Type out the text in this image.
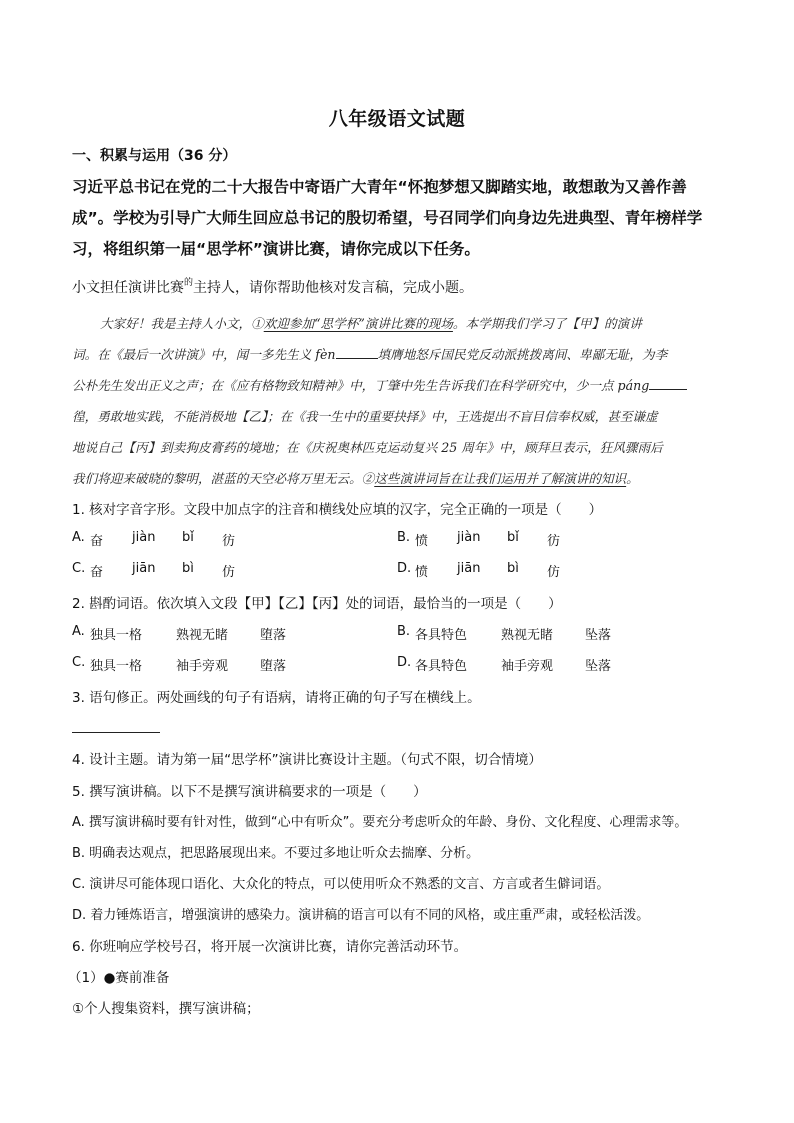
八年级语文试题
一、积累与运用（36 分）
习近平总书记在党的二十大报告中寄语广大青年“怀抱梦想又脚踏实地，敢想敢为又善作善
成”。学校为引导广大师生回应总书记的殷切希望，号召同学们向身边先进典型、青年榜样学
习，将组织第一届“思学杯”演讲比赛，请你完成以下任务。
小文担任演讲比赛$^的$主持人，请你帮助他核对发言稿，完成小题。
大家好！我是主持人小文，①欢迎参加“思学杯”演讲比赛的现场。本学期我们学习了【甲】的演讲
词。在《最后一次讲演》中，闻一多先生义 fèn	填膺地怒斥国民党反动派挑拨离间、卑鄙无耻，为李
公朴先生发出正义之声；在《应有格物致知精神》中，丁肇中先生告诉我们在科学研究中，少一点 páng
徨，勇敢地实践，不能消极地【乙】；在《我一生中的重要抉择》中，王选提出不盲目信奉权威，甚至谦虚
地说自己【丙】到卖狗皮膏药的境地；在《庆祝奥林匹克运动复兴 25 周年》中，顾拜旦表示，狂风骤雨后
我们将迎来破晓的黎明，湛蓝的天空必将万里无云。②这些演讲词旨在让我们运用并了解演讲的知识。
1. 核对字音字形。文段中加点字的注音和横线处应填的汉字，完全正确的一项是（　　）
A. 奋 jiàn bǐ 彷	B. 愤 jiàn bǐ 彷
C. 奋 jiān bì 仿	D. 愤 jiān bì 仿
2. 斟酌词语。依次填入文段【甲】【乙】【丙】处的词语，最恰当的一项是（　　）
A. 独具一格	熟视无睹 堕落	B. 各具特色	熟视无睹 坠落
C. 独具一格	袖手旁观 堕落	D. 各具特色	袖手旁观 坠落
3. 语句修正。两处画线的句子有语病，请将正确的句子写在横线上。
4. 设计主题。请为第一届“思学杯”演讲比赛设计主题。（句式不限，切合情境）
5. 撰写演讲稿。以下不是撰写演讲稿要求的一项是（　　）
A. 撰写演讲稿时要有针对性，做到“心中有听众”。要充分考虑听众的年龄、身份、文化程度、心理需求等。
B. 明确表达观点，把思路展现出来。不要过多地让听众去揣摩、分析。
C. 演讲尽可能体现口语化、大众化的特点，可以使用听众不熟悉的文言、方言或者生僻词语。
D. 着力锤炼语言，增强演讲的感染力。演讲稿的语言可以有不同的风格，或庄重严肃，或轻松活泼。
6. 你班响应学校号召，将开展一次演讲比赛，请你完善活动环节。
（1）●赛前准备
①个人搜集资料，撰写演讲稿；
